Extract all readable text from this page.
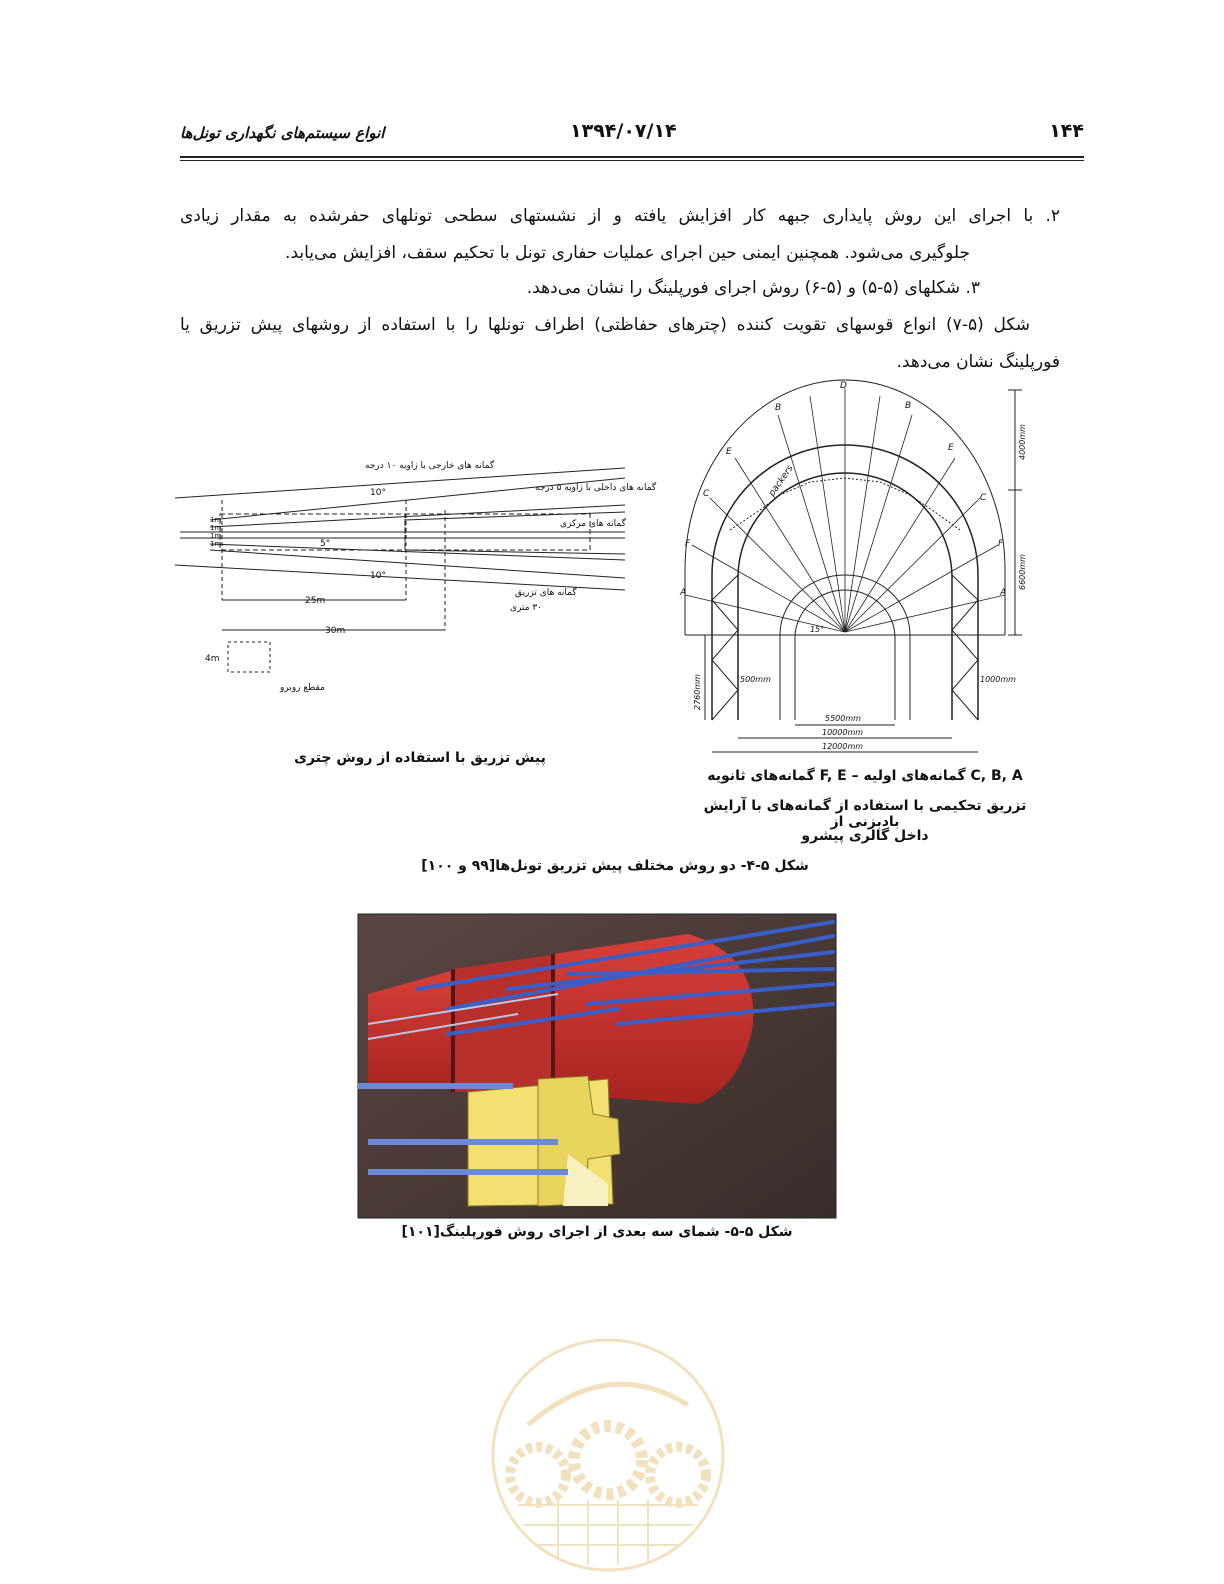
انواع سیستم‌های نگهداری تونل‌ها	۱۳۹۴/۰۷/۱۴	۱۴۴
۲. با اجرای این روش پایداری جبهه کار افزایش یافته و از نشستهای سطحی تونلهای حفرشده به مقدار زیادی
جلوگیری می‌شود. همچنین ایمنی حین اجرای عملیات حفاری تونل با تحکیم سقف، افزایش می‌یابد.
۳. شکلهای (۵-۵) و (۵-۶) روش اجرای فورپلینگ را نشان می‌دهد.
شکل (۵-۷) انواع قوسهای تقویت کننده (چترهای حفاظتی) اطراف تونلها را با استفاده از روشهای پیش تزریق یا
فورپلینگ نشان می‌دهد.
گمانه های خارجی با زاویه ۱۰ درجه
گمانه های داخلی با زاویه ۵ درجه
گمانه های مرکزی
گمانه های تزریق
۳۰ متری
10°
5°
10°
1m
1m
1m
1m
25m
30m
4m
مقطع روبرو
پیش تزریق با استفاده از روش چتری
D
B	B
E	E
C	C
F	F
A	A
packers
15°
4000mm
6600mm
2760mm	500mm	1000mm
5500mm
10000mm
12000mm
C, B, A گمانه‌های اولیه – F, E گمانه‌های ثانویه
تزریق تحکیمی با استفاده از گمانه‌های با آرایش بادبزنی از
داخل گالری پیشرو
شکل ۵-۴- دو روش مختلف پیش تزریق تونل‌ها[۹۹ و ۱۰۰]
شکل ۵-۵- شمای سه بعدی از اجرای روش فورپلینگ[۱۰۱]
